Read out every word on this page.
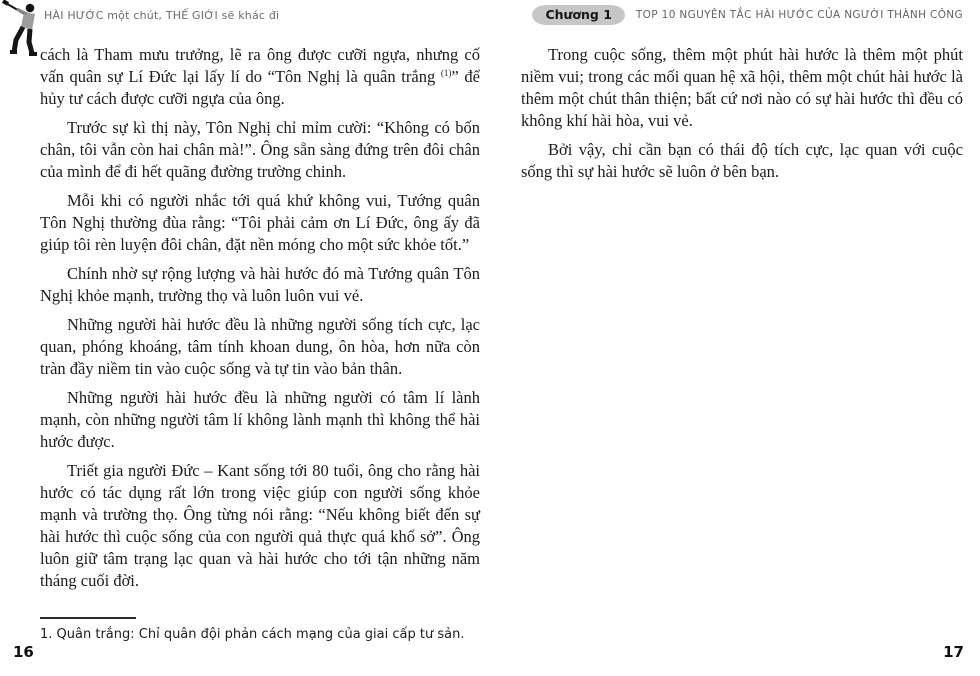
HÀI HƯỚC một chút, THẾ GIỚI sẽ khác đi	Chương 1	TOP 10 NGUYÊN TẮC HÀI HƯỚC CỦA NGƯỜI THÀNH CÔNG

cách là Tham mưu trưởng, lẽ ra ông được cưỡi ngựa, nhưng cố vấn quân sự Lí Đức lại lấy lí do “Tôn Nghị là quân trắng $^{(1)}$” để hủy tư cách được cưỡi ngựa của ông.

Trước sự kì thị này, Tôn Nghị chỉ mỉm cười: “Không có bốn chân, tôi vẫn còn hai chân mà!”. Ông sẵn sàng đứng trên đôi chân của mình để đi hết quãng đường trường chinh.

Mỗi khi có người nhắc tới quá khứ không vui, Tướng quân Tôn Nghị thường đùa rằng: “Tôi phải cảm ơn Lí Đức, ông ấy đã giúp tôi rèn luyện đôi chân, đặt nền móng cho một sức khỏe tốt.”

Chính nhờ sự rộng lượng và hài hước đó mà Tướng quân Tôn Nghị khỏe mạnh, trường thọ và luôn luôn vui vẻ.

Những người hài hước đều là những người sống tích cực, lạc quan, phóng khoáng, tâm tính khoan dung, ôn hòa, hơn nữa còn tràn đầy niềm tin vào cuộc sống và tự tin vào bản thân.

Những người hài hước đều là những người có tâm lí lành mạnh, còn những người tâm lí không lành mạnh thì không thể hài hước được.

Triết gia người Đức – Kant sống tới 80 tuổi, ông cho rằng hài hước có tác dụng rất lớn trong việc giúp con người sống khỏe mạnh và trường thọ. Ông từng nói rằng: “Nếu không biết đến sự hài hước thì cuộc sống của con người quả thực quá khổ sở”. Ông luôn giữ tâm trạng lạc quan và hài hước cho tới tận những năm tháng cuối đời.

Trong cuộc sống, thêm một phút hài hước là thêm một phút niềm vui; trong các mối quan hệ xã hội, thêm một chút hài hước là thêm một chút thân thiện; bất cứ nơi nào có sự hài hước thì đều có không khí hài hòa, vui vẻ.

Bởi vậy, chỉ cần bạn có thái độ tích cực, lạc quan với cuộc sống thì sự hài hước sẽ luôn ở bên bạn.

1. Quân trắng: Chỉ quân đội phản cách mạng của giai cấp tư sản.

16	17
